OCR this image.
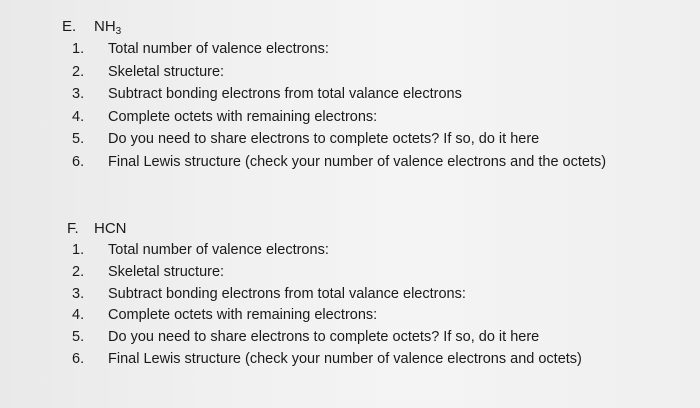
E. $NH_3$
1.	Total number of valence electrons:
2.	Skeletal structure:
3.	Subtract bonding electrons from total valance electrons
4.	Complete octets with remaining electrons:
5.	Do you need to share electrons to complete octets? If so, do it here
6.	Final Lewis structure (check your number of valence electrons and the octets)
F. HCN
1.	Total number of valence electrons:
2.	Skeletal structure:
3.	Subtract bonding electrons from total valance electrons:
4.	Complete octets with remaining electrons:
5.	Do you need to share electrons to complete octets? If so, do it here
6.	Final Lewis structure (check your number of valence electrons and octets)
